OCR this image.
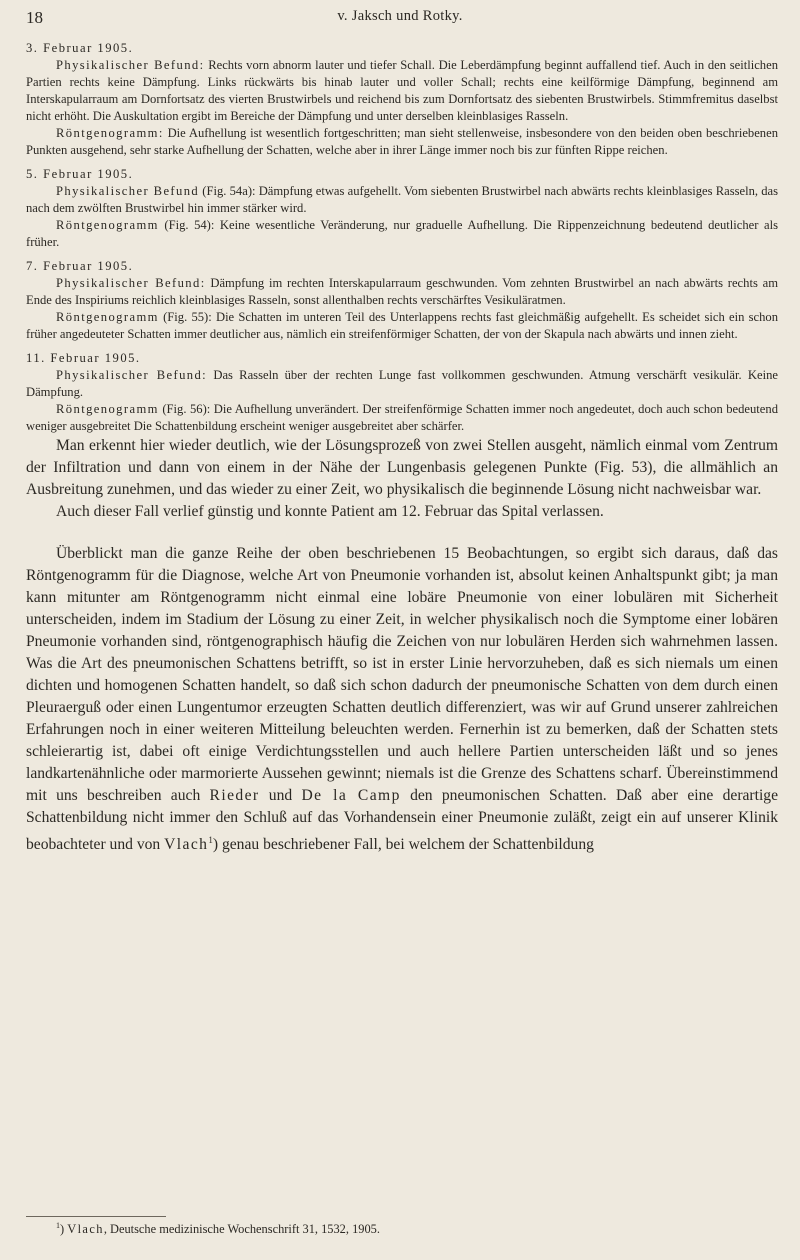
18	v. Jaksch und Rotky.
3. Februar 1905.

Physikalischer Befund: Rechts vorn abnorm lauter und tiefer Schall. Die Leberdämpfung beginnt auffallend tief. Auch in den seitlichen Partien rechts keine Dämpfung. Links rückwärts bis hinab lauter und voller Schall; rechts eine keilförmige Dämpfung, beginnend am Interskapularraum am Dornfortsatz des vierten Brustwirbels und reichend bis zum Dornfortsatz des siebenten Brustwirbels. Stimmfremitus daselbst nicht erhöht. Die Auskultation ergibt im Bereiche der Dämpfung und unter derselben kleinblasiges Rasseln.

Röntgenogramm: Die Aufhellung ist wesentlich fortgeschritten; man sieht stellenweise, insbesondere von den beiden oben beschriebenen Punkten ausgehend, sehr starke Aufhellung der Schatten, welche aber in ihrer Länge immer noch bis zur fünften Rippe reichen.

5. Februar 1905.

Physikalischer Befund (Fig. 54a): Dämpfung etwas aufgehellt. Vom siebenten Brustwirbel nach abwärts rechts kleinblasiges Rasseln, das nach dem zwölften Brustwirbel hin immer stärker wird.

Röntgenogramm (Fig. 54): Keine wesentliche Veränderung, nur graduelle Aufhellung. Die Rippenzeichnung bedeutend deutlicher als früher.

7. Februar 1905.

Physikalischer Befund: Dämpfung im rechten Interskapularraum geschwunden. Vom zehnten Brustwirbel an nach abwärts rechts am Ende des Inspiriums reichlich kleinblasiges Rasseln, sonst allenthalben rechts verschärftes Vesikuläratmen.

Röntgenogramm (Fig. 55): Die Schatten im unteren Teil des Unterlappens rechts fast gleichmäßig aufgehellt. Es scheidet sich ein schon früher angedeuteter Schatten immer deutlicher aus, nämlich ein streifenförmiger Schatten, der von der Skapula nach abwärts und innen zieht.

11. Februar 1905.

Physikalischer Befund: Das Rasseln über der rechten Lunge fast vollkommen geschwunden. Atmung verschärft vesikulär. Keine Dämpfung.

Röntgenogramm (Fig. 56): Die Aufhellung unverändert. Der streifenförmige Schatten immer noch angedeutet, doch auch schon bedeutend weniger ausgebreitet Die Schattenbildung erscheint weniger ausgebreitet aber schärfer.

Man erkennt hier wieder deutlich, wie der Lösungsprozeß von zwei Stellen ausgeht, nämlich einmal vom Zentrum der Infiltration und dann von einem in der Nähe der Lungenbasis gelegenen Punkte (Fig. 53), die allmählich an Ausbreitung zunehmen, und das wieder zu einer Zeit, wo physikalisch die beginnende Lösung nicht nachweisbar war.

Auch dieser Fall verlief günstig und konnte Patient am 12. Februar das Spital verlassen.

Überblickt man die ganze Reihe der oben beschriebenen 15 Beobachtungen, so ergibt sich daraus, daß das Röntgenogramm für die Diagnose, welche Art von Pneumonie vorhanden ist, absolut keinen Anhaltspunkt gibt; ja man kann mitunter am Röntgenogramm nicht einmal eine lobäre Pneumonie von einer lobulären mit Sicherheit unterscheiden, indem im Stadium der Lösung zu einer Zeit, in welcher physikalisch noch die Symptome einer lobären Pneumonie vorhanden sind, röntgenographisch häufig die Zeichen von nur lobulären Herden sich wahrnehmen lassen. Was die Art des pneumonischen Schattens betrifft, so ist in erster Linie hervorzuheben, daß es sich niemals um einen dichten und homogenen Schatten handelt, so daß sich schon dadurch der pneumonische Schatten von dem durch einen Pleuraerguß oder einen Lungentumor erzeugten Schatten deutlich differenziert, was wir auf Grund unserer zahlreichen Erfahrungen noch in einer weiteren Mitteilung beleuchten werden. Fernerhin ist zu bemerken, daß der Schatten stets schleierartig ist, dabei oft einige Verdichtungsstellen und auch hellere Partien unterscheiden läßt und so jenes landkartenähnliche oder marmorierte Aussehen gewinnt; niemals ist die Grenze des Schattens scharf. Übereinstimmend mit uns beschreiben auch Rieder und De la Camp den pneumonischen Schatten. Daß aber eine derartige Schattenbildung nicht immer den Schluß auf das Vorhandensein einer Pneumonie zuläßt, zeigt ein auf unserer Klinik beobachteter und von Vlach$^1$) genau beschriebener Fall, bei welchem der Schattenbildung

$^1$) Vlach, Deutsche medizinische Wochenschrift 31, 1532, 1905.
